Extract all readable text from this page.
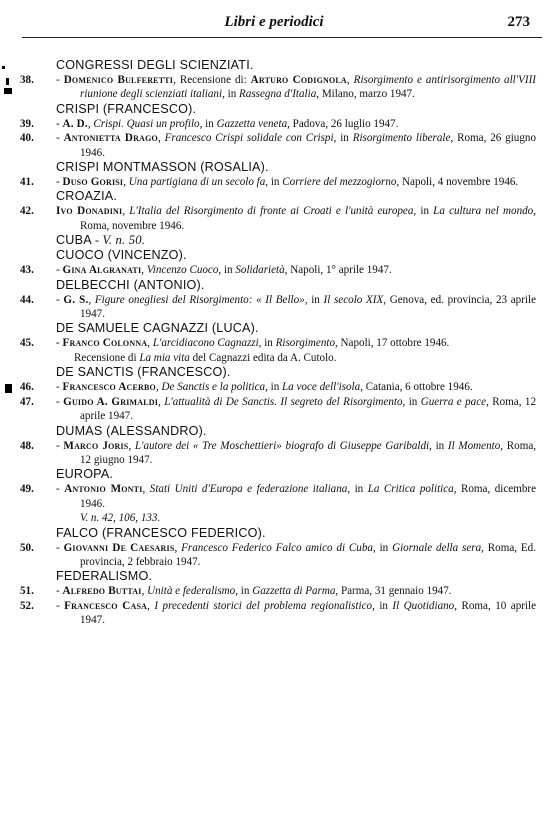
Libri e periodici	273
CONGRESSI DEGLI SCIENZIATI.
38.	- Domenico Bulferetti, Recensione di: Arturo Codignola, Risorgimento e antirisorgimento all'VIII riunione degli scienziati italiani, in Rassegna d'Italia, Milano, marzo 1947.
CRISPI (FRANCESCO).
39.	- A. D., Crispi. Quasi un profilo, in Gazzetta veneta, Padova, 26 luglio 1947.
40.	- Antonietta Drago, Francesco Crispi solidale con Crispi, in Risorgimento liberale, Roma, 26 giugno 1946.
CRISPI MONTMASSON (ROSALIA).
41.	- Duso Gorisi, Una partigiana di un secolo fa, in Corriere del mezzogiorno, Napoli, 4 novembre 1946.
CROAZIA.
42.	Ivo Donadini, L'Italia del Risorgimento di fronte ai Croati e l'unità europea, in La cultura nel mondo, Roma, novembre 1946.
CUBA - V. n. 50.
CUOCO (VINCENZO).
43.	- Gina Algranati, Vincenzo Cuoco, in Solidarietà, Napoli, 1° aprile 1947.
DELBECCHI (ANTONIO).
44.	- G. S., Figure onegliesi del Risorgimento: « Il Bello», in Il secolo XIX, Genova, ed. provincia, 23 aprile 1947.
DE SAMUELE CAGNAZZI (LUCA).
45.	- Franco Colonna, L'arcidiacono Cagnazzi, in Risorgimento, Napoli, 17 ottobre 1946.
Recensione di La mia vita del Cagnazzi edita da A. Cutolo.
DE SANCTIS (FRANCESCO).
46.	- Francesco Acerbo, De Sanctis e la politica, in La voce dell'isola, Catania, 6 ottobre 1946.
47.	- Guido A. Grimaldi, L'attualità di De Sanctis. Il segreto del Risorgimento, in Guerra e pace, Roma, 12 aprile 1947.
DUMAS (ALESSANDRO).
48.	- Marco Joris, L'autore dei « Tre Moschettieri» biografo di Giuseppe Garibaldi, in Il Momento, Roma, 12 giugno 1947.
EUROPA.
49.	- Antonio Monti, Stati Uniti d'Europa e federazione italiana, in La Critica politica, Roma, dicembre 1946.
V. n. 42, 106, 133.
FALCO (FRANCESCO FEDERICO).
50.	- Giovanni De Caesaris, Francesco Federico Falco amico di Cuba, in Giornale della sera, Roma, Ed. provincia, 2 febbraio 1947.
FEDERALISMO.
51.	- Alfredo Buttai, Unità e federalismo, in Gazzetta di Parma, Parma, 31 gennaio 1947.
52.	- Francesco Casa, I precedenti storici del problema regionalistico, in Il Quotidiano, Roma, 10 aprile 1947.
